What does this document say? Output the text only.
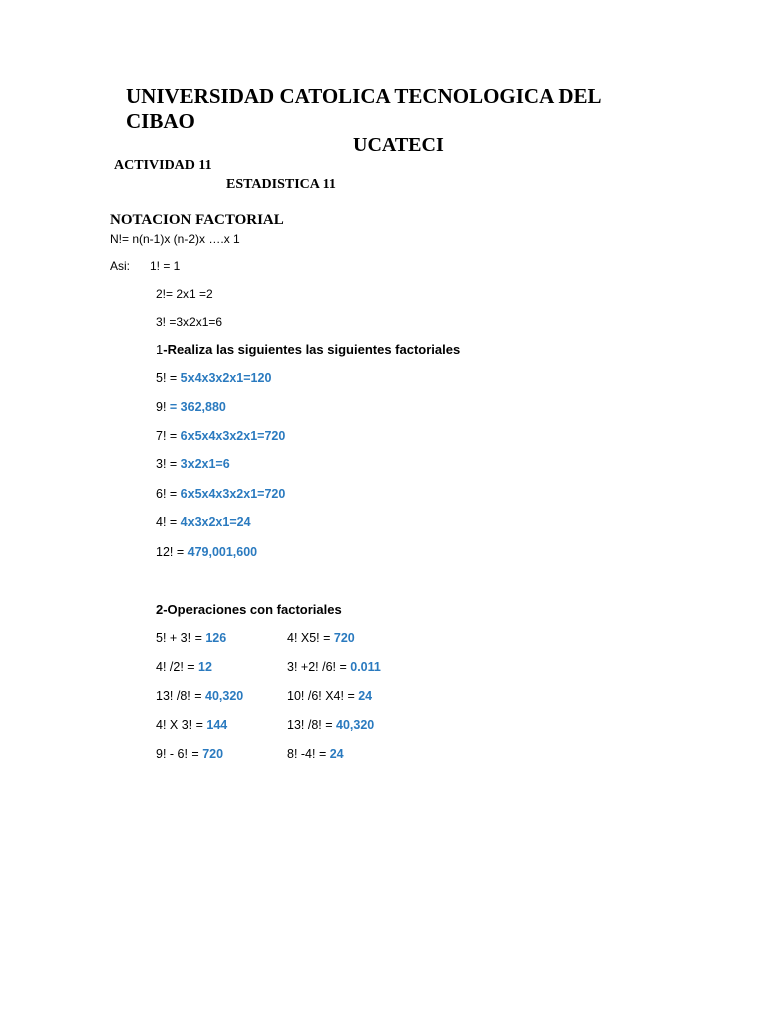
UNIVERSIDAD CATOLICA TECNOLOGICA DEL CIBAO
UCATECI
ACTIVIDAD 11
ESTADISTICA 11
NOTACION FACTORIAL
N!= n(n-1)x (n-2)x ….x 1
Asi: 1! = 1
2!= 2x1 =2
3! =3x2x1=6
1-Realiza las siguientes las siguientes factoriales
5! = 5x4x3x2x1=120
9! = 362,880
7! = 6x5x4x3x2x1=720
3! = 3x2x1=6
6! = 6x5x4x3x2x1=720
4! = 4x3x2x1=24
12! = 479,001,600
2-Operaciones con factoriales
5! + 3! = 126
4! /2! = 12
13! /8! = 40,320
4! X 3! = 144
9! - 6! = 720
4! X5! = 720
3! +2! /6! = 0.011
10! /6! X4! = 24
13! /8! = 40,320
8! -4! = 24
